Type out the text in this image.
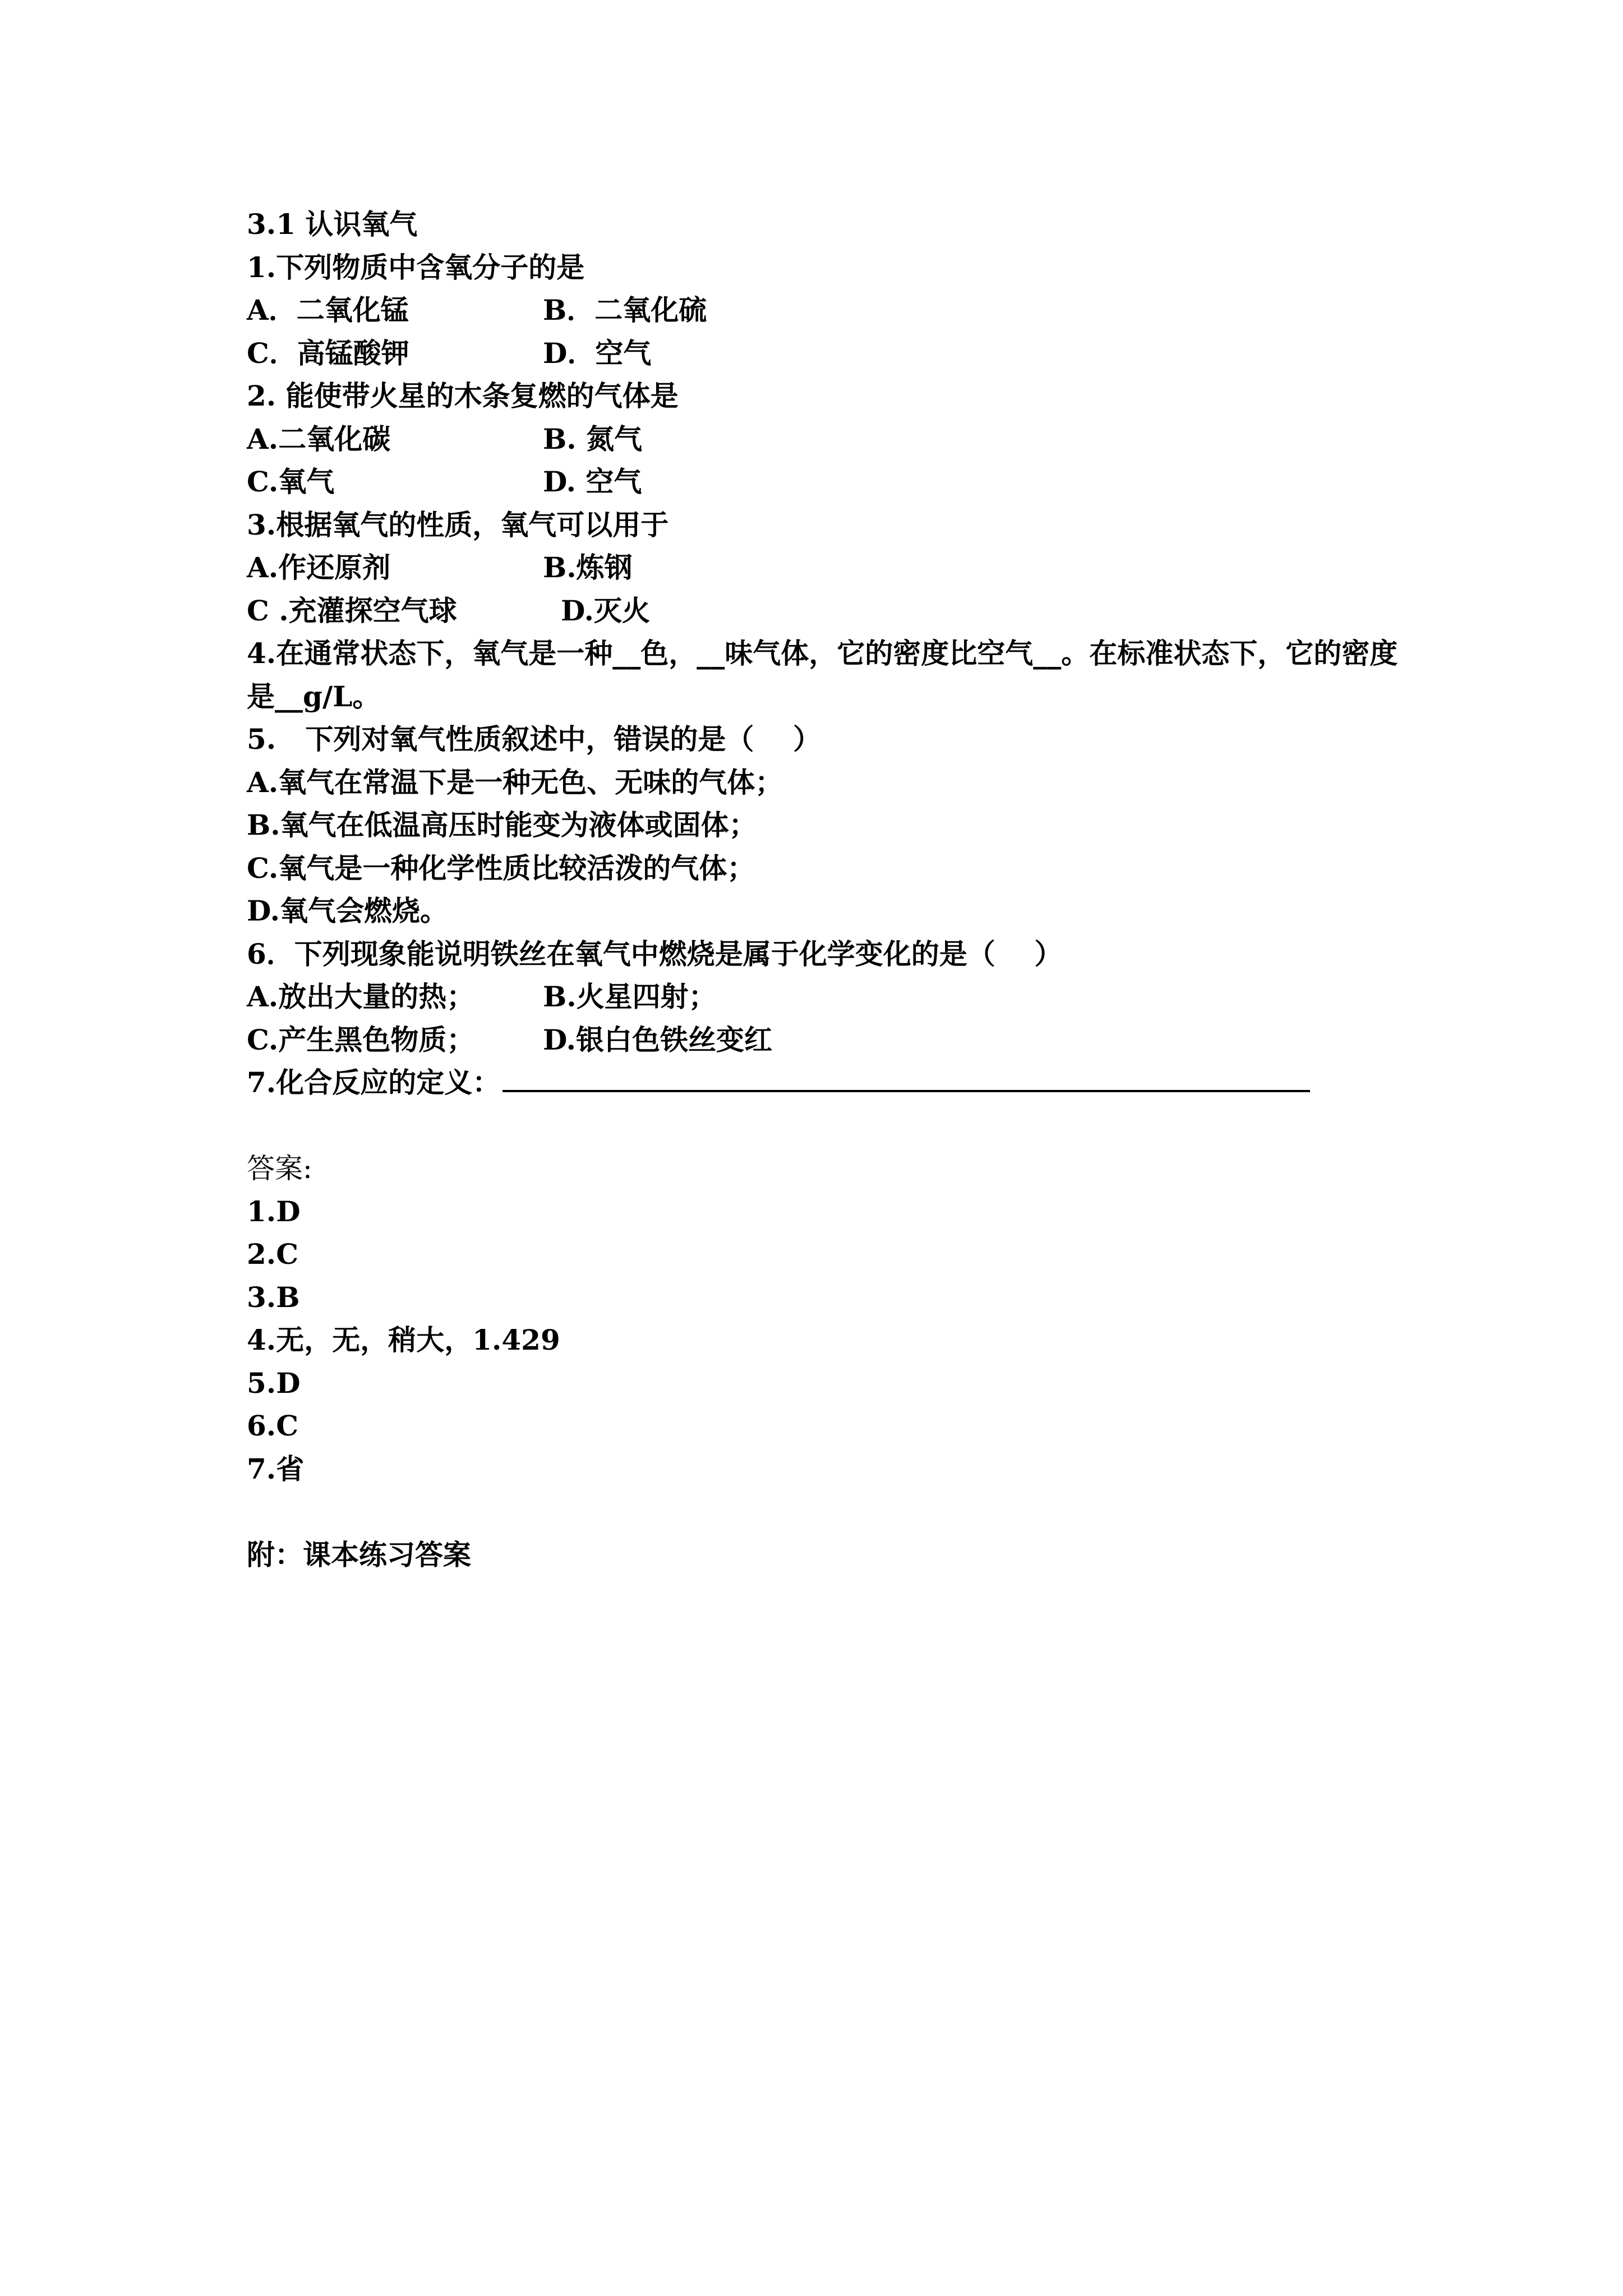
3.1 认识氧气
1.下列物质中含氧分子的是
A．二氧化锰	B．二氧化硫
C．高锰酸钾	D．空气
2. 能使带火星的木条复燃的气体是
A.二氧化碳	B. 氮气
C.氧气	D. 空气
3.根据氧气的性质，氧气可以用于
A.作还原剂	B.炼钢
C .充灌探空气球	D.灭火
4.在通常状态下，氧气是一种__色，__味气体，它的密度比空气__。在标准状态下，它的密度是__g/L。
5.   下列对氧气性质叙述中，错误的是（    ）
A.氧气在常温下是一种无色、无味的气体；
B.氧气在低温高压时能变为液体或固体；
C.氧气是一种化学性质比较活泼的气体；
D.氧气会燃烧。
6．下列现象能说明铁丝在氧气中燃烧是属于化学变化的是（    ）
A.放出大量的热；	B.火星四射；
C.产生黑色物质；	D.银白色铁丝变红
7.化合反应的定义：
答案:
1.D
2.C
3.B
4.无，无，稍大，1.429
5.D
6.C
7.省
附：课本练习答案
